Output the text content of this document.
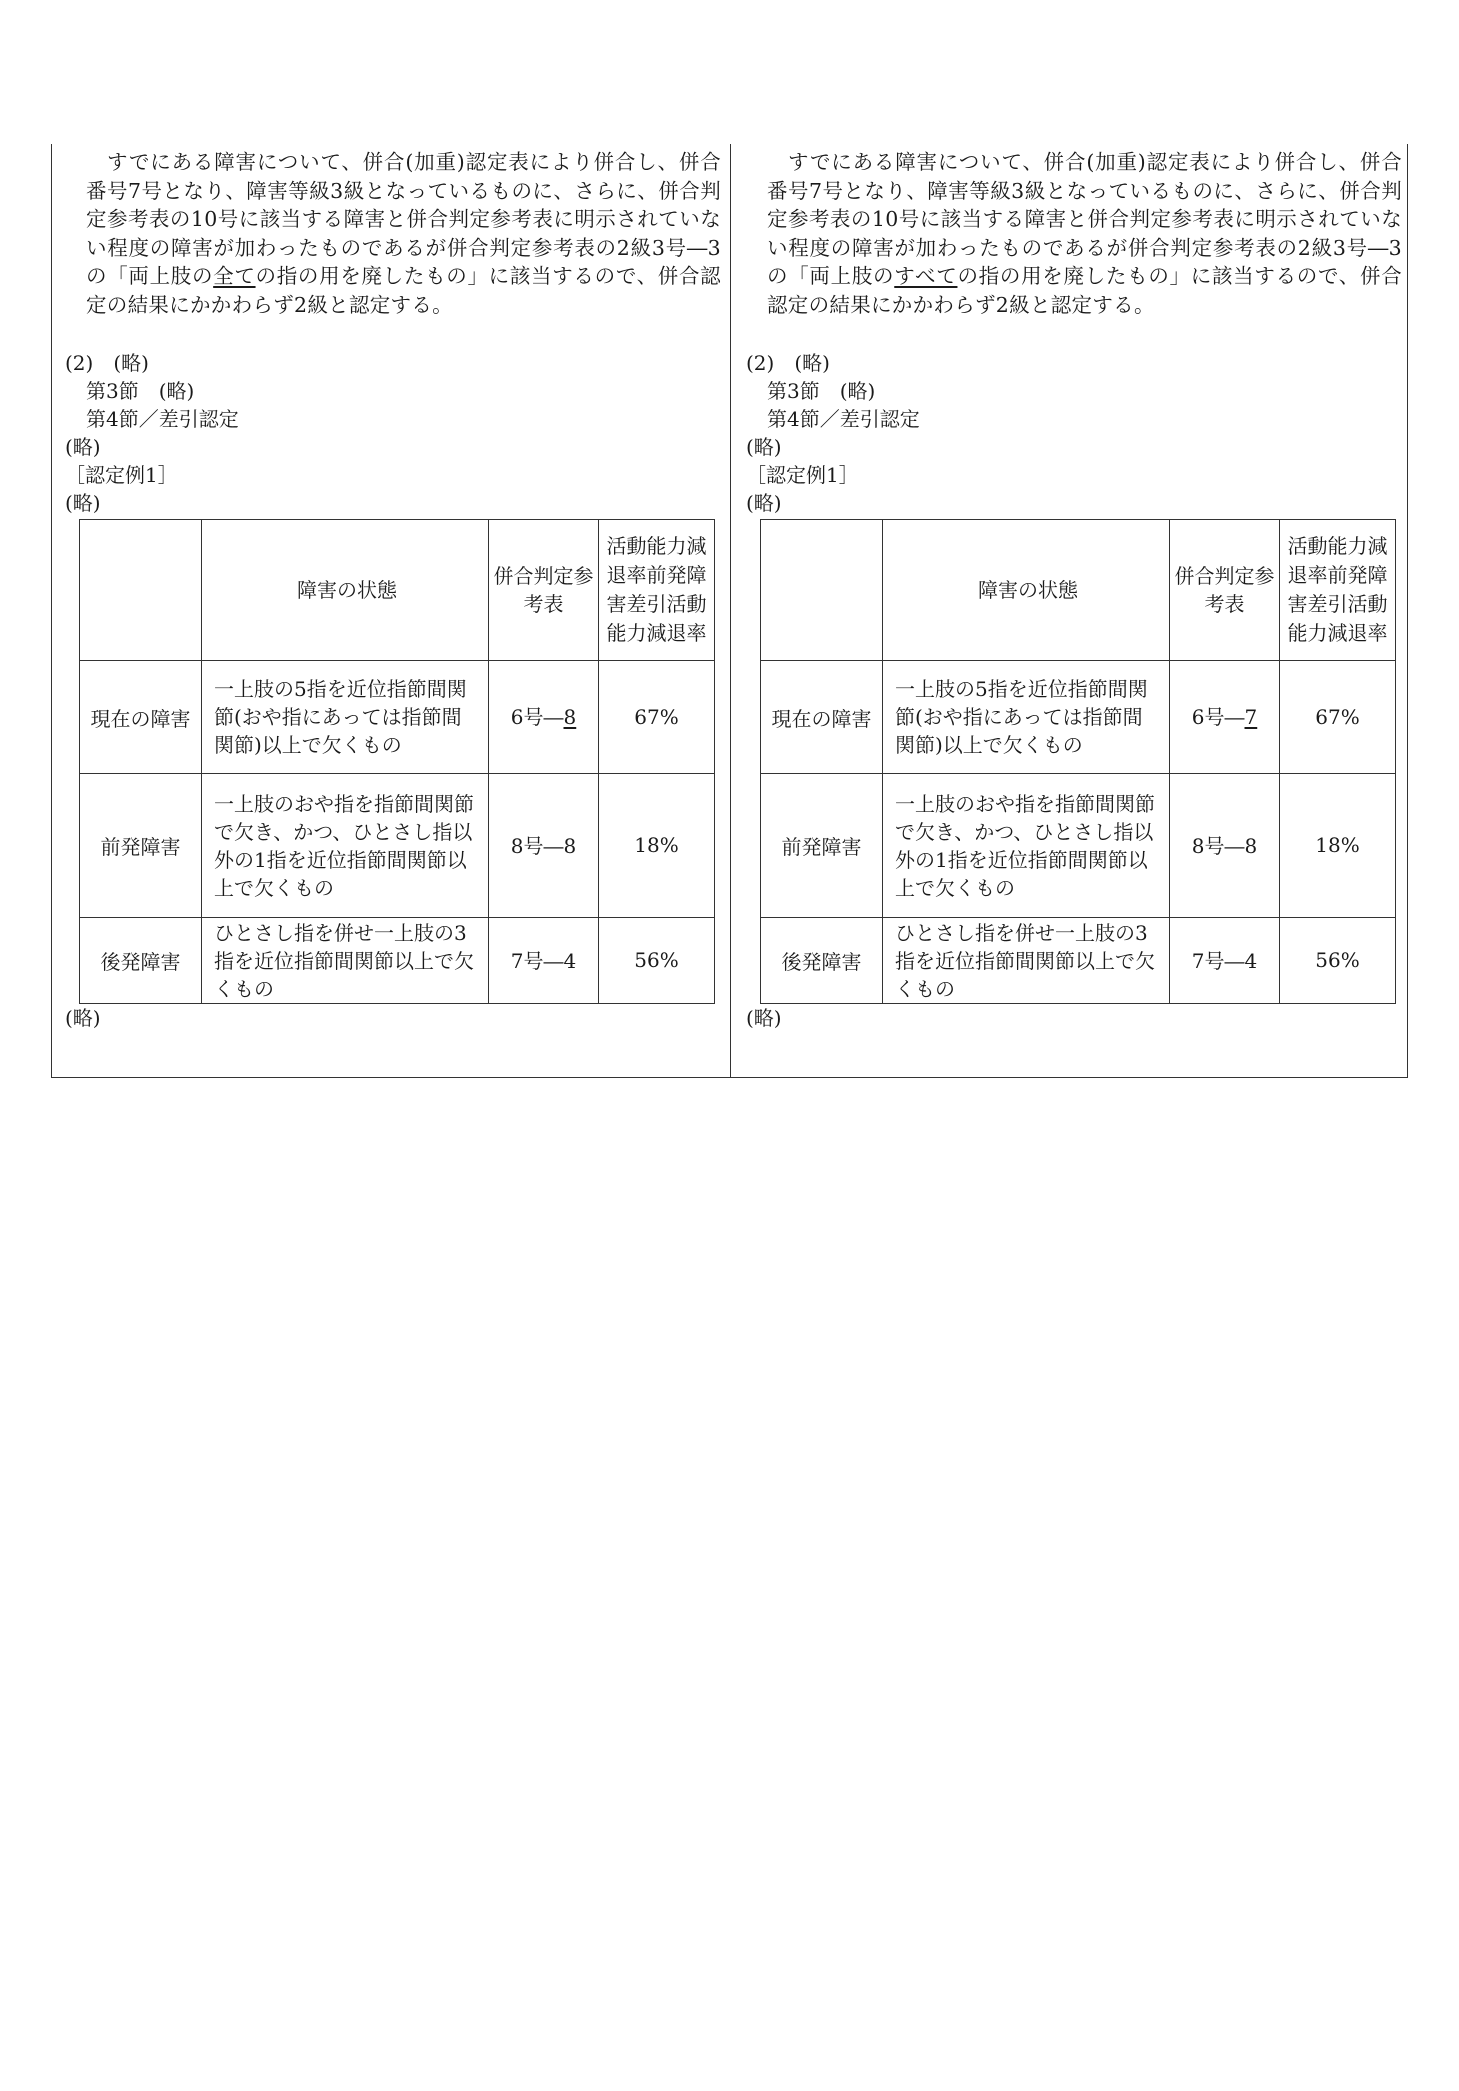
すでにある障害について、併合(加重)認定表により併合し、併合番号7号となり、障害等級3級となっているものに、さらに、併合判定参考表の10号に該当する障害と併合判定参考表に明示されていない程度の障害が加わったものであるが併合判定参考表の2級3号―3の「両上肢の全ての指の用を廃したもの」に該当するので、併合認定の結果にかかわらず2級と認定する。

(2)　(略)

第3節　(略)

第4節／差引認定

(略)

［認定例1］

(略)

	障害の状態	併合判定参考表	活動能力減退率前発障害差引活動能力減退率
現在の障害	一上肢の5指を近位指節間関節(おや指にあっては指節間関節)以上で欠くもの	6号―8	67%
前発障害	一上肢のおや指を指節間関節で欠き、かつ、ひとさし指以外の1指を近位指節間関節以上で欠くもの	8号―8	18%
後発障害	ひとさし指を併せ一上肢の3指を近位指節間関節以上で欠くもの	7号―4	56%

(略)

すでにある障害について、併合(加重)認定表により併合し、併合番号7号となり、障害等級3級となっているものに、さらに、併合判定参考表の10号に該当する障害と併合判定参考表に明示されていない程度の障害が加わったものであるが併合判定参考表の2級3号―3の「両上肢のすべての指の用を廃したもの」に該当するので、併合認定の結果にかかわらず2級と認定する。

(2)　(略)

第3節　(略)

第4節／差引認定

(略)

［認定例1］

(略)

	障害の状態	併合判定参考表	活動能力減退率前発障害差引活動能力減退率
現在の障害	一上肢の5指を近位指節間関節(おや指にあっては指節間関節)以上で欠くもの	6号―7	67%
前発障害	一上肢のおや指を指節間関節で欠き、かつ、ひとさし指以外の1指を近位指節間関節以上で欠くもの	8号―8	18%
後発障害	ひとさし指を併せ一上肢の3指を近位指節間関節以上で欠くもの	7号―4	56%

(略)
